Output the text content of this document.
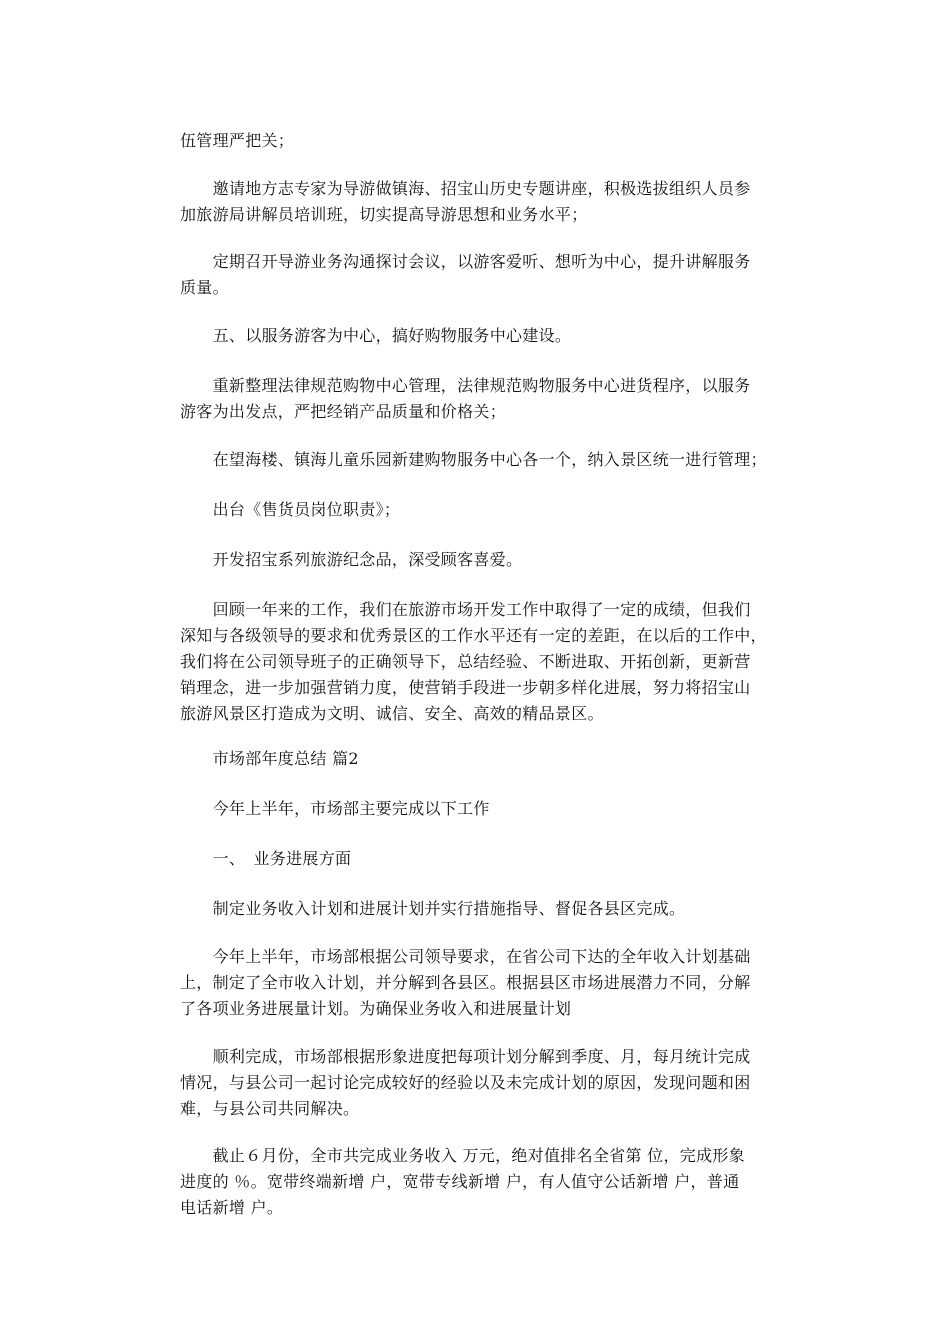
伍管理严把关；

　　邀请地方志专家为导游做镇海、招宝山历史专题讲座，积极选拔组织人员参
加旅游局讲解员培训班，切实提高导游思想和业务水平；

　　定期召开导游业务沟通探讨会议，以游客爱听、想听为中心，提升讲解服务
质量。

　　五、以服务游客为中心，搞好购物服务中心建设。

　　重新整理法律规范购物中心管理，法律规范购物服务中心进货程序，以服务
游客为出发点，严把经销产品质量和价格关；

　　在望海楼、镇海儿童乐园新建购物服务中心各一个，纳入景区统一进行管理；

　　出台《售货员岗位职责》；

　　开发招宝系列旅游纪念品，深受顾客喜爱。

　　回顾一年来的工作，我们在旅游市场开发工作中取得了一定的成绩，但我们
深知与各级领导的要求和优秀景区的工作水平还有一定的差距，在以后的工作中，
我们将在公司领导班子的正确领导下，总结经验、不断进取、开拓创新，更新营
销理念，进一步加强营销力度，使营销手段进一步朝多样化进展，努力将招宝山
旅游风景区打造成为文明、诚信、安全、高效的精品景区。

　　市场部年度总结 篇2

　　今年上半年，市场部主要完成以下工作

　　一、　业务进展方面

　　制定业务收入计划和进展计划并实行措施指导、督促各县区完成。

　　今年上半年，市场部根据公司领导要求，在省公司下达的全年收入计划基础
上，制定了全市收入计划，并分解到各县区。根据县区市场进展潜力不同，分解
了各项业务进展量计划。为确保业务收入和进展量计划

　　顺利完成，市场部根据形象进度把每项计划分解到季度、月，每月统计完成
情况，与县公司一起讨论完成较好的经验以及未完成计划的原因，发现问题和困
难，与县公司共同解决。

　　截止６月份，全市共完成业务收入 万元，绝对值排名全省第 位，完成形象
进度的 ％。宽带终端新增 户，宽带专线新增 户，有人值守公话新增 户，普通
电话新增 户。
